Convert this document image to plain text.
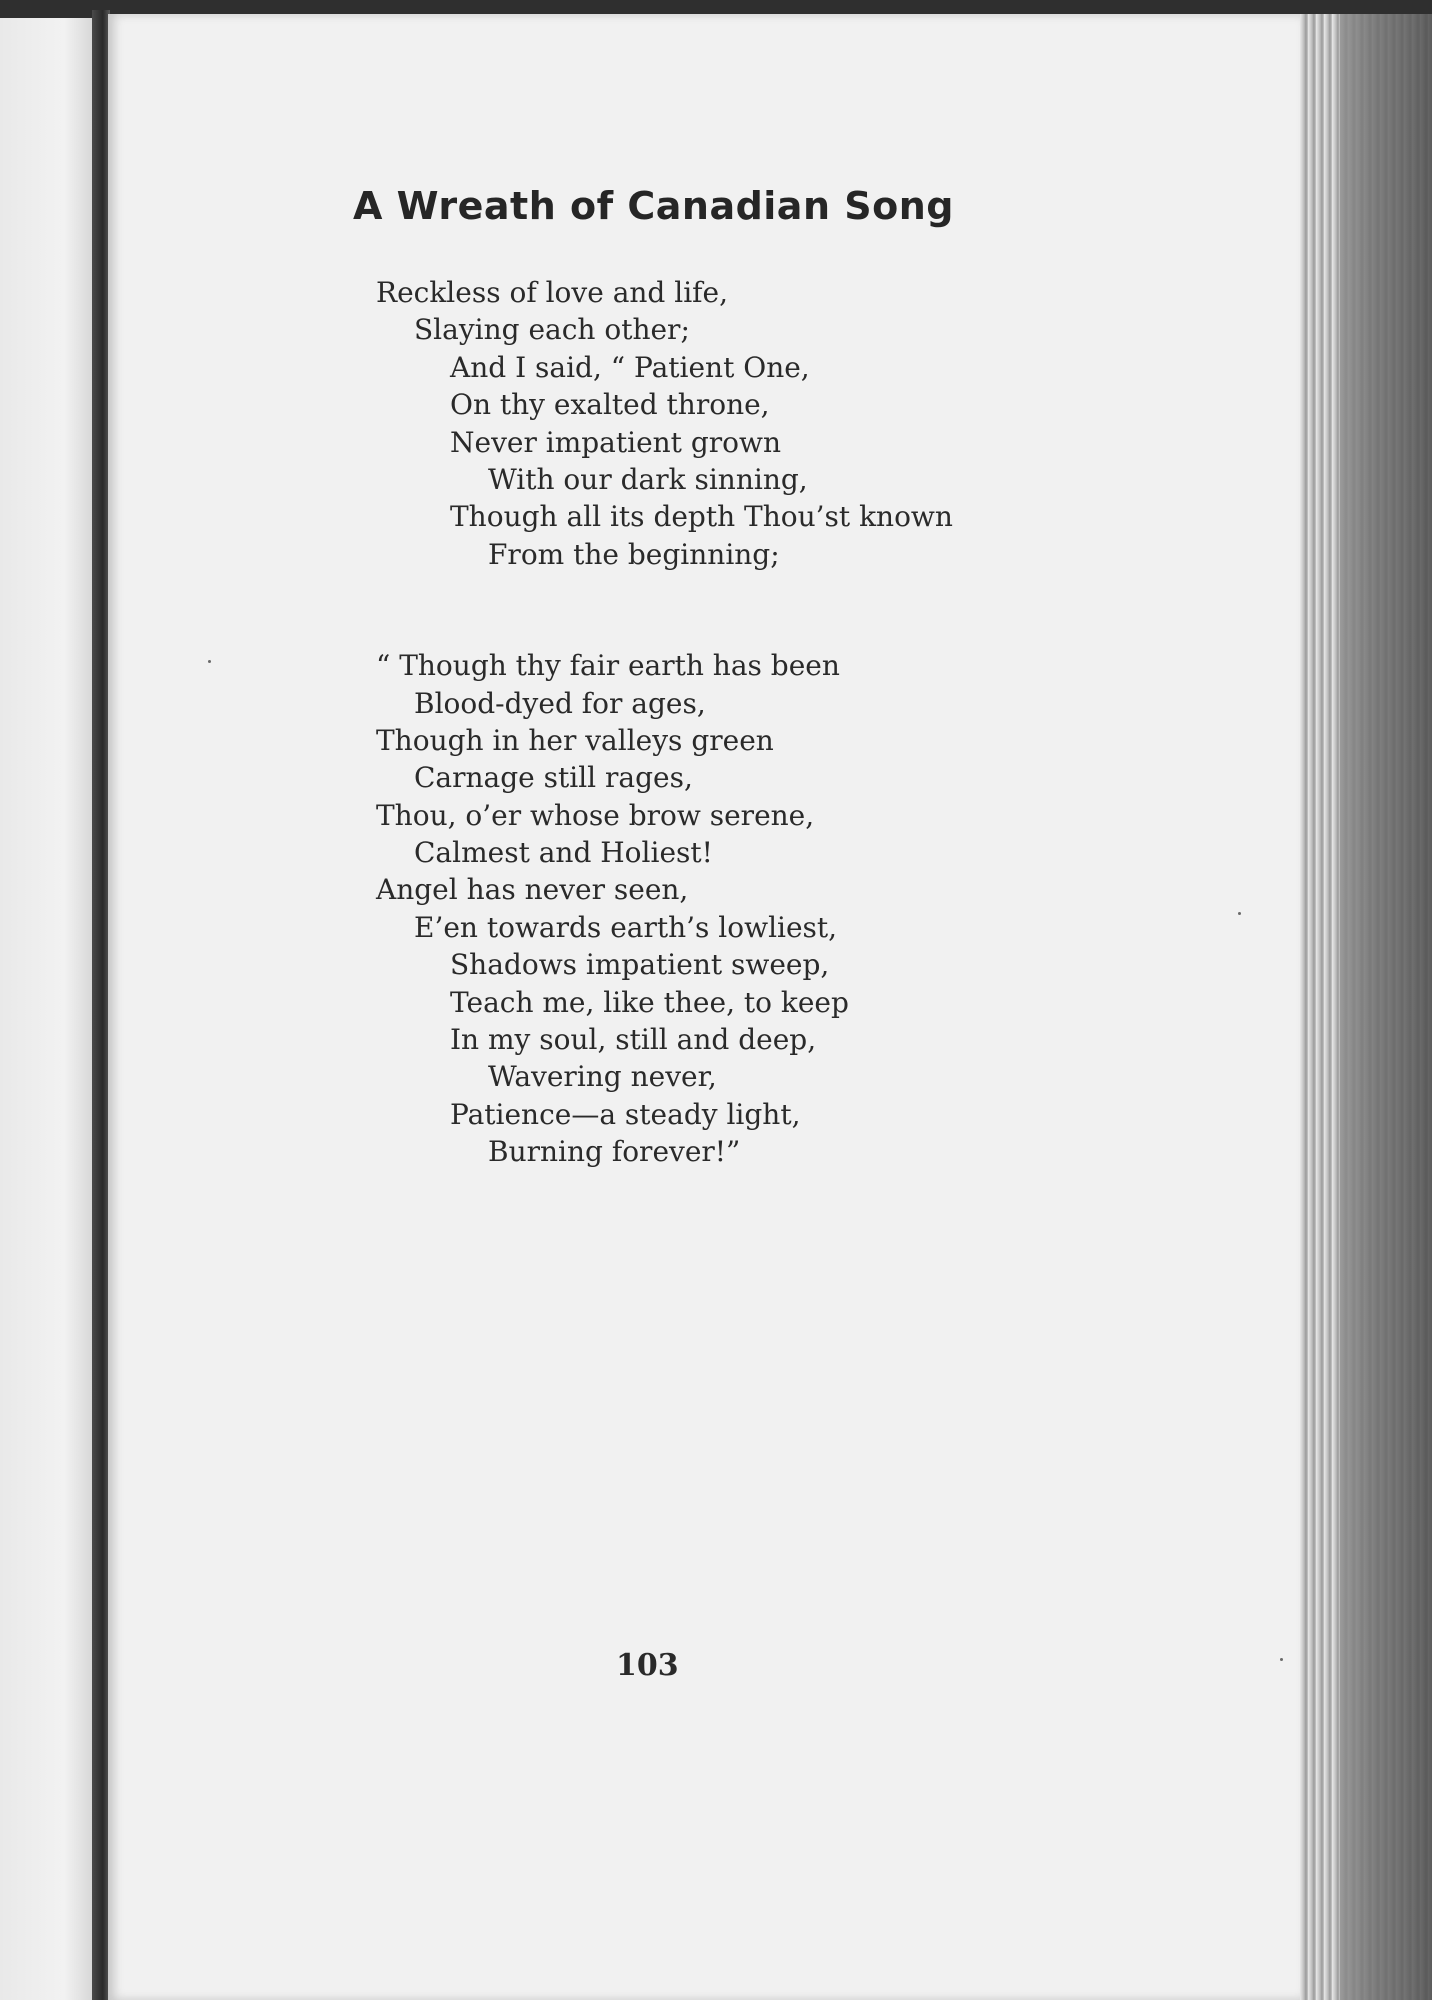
A Wreath of Canadian Song
Reckless of love and life,
Slaying each other;
And I said, “ Patient One,
On thy exalted throne,
Never impatient grown
With our dark sinning,
Though all its depth Thou’st known
From the beginning;
“ Though thy fair earth has been
Blood-dyed for ages,
Though in her valleys green
Carnage still rages,
Thou, o’er whose brow serene,
Calmest and Holiest!
Angel has never seen,
E’en towards earth’s lowliest,
Shadows impatient sweep,
Teach me, like thee, to keep
In my soul, still and deep,
Wavering never,
Patience—a steady light,
Burning forever!”
103
